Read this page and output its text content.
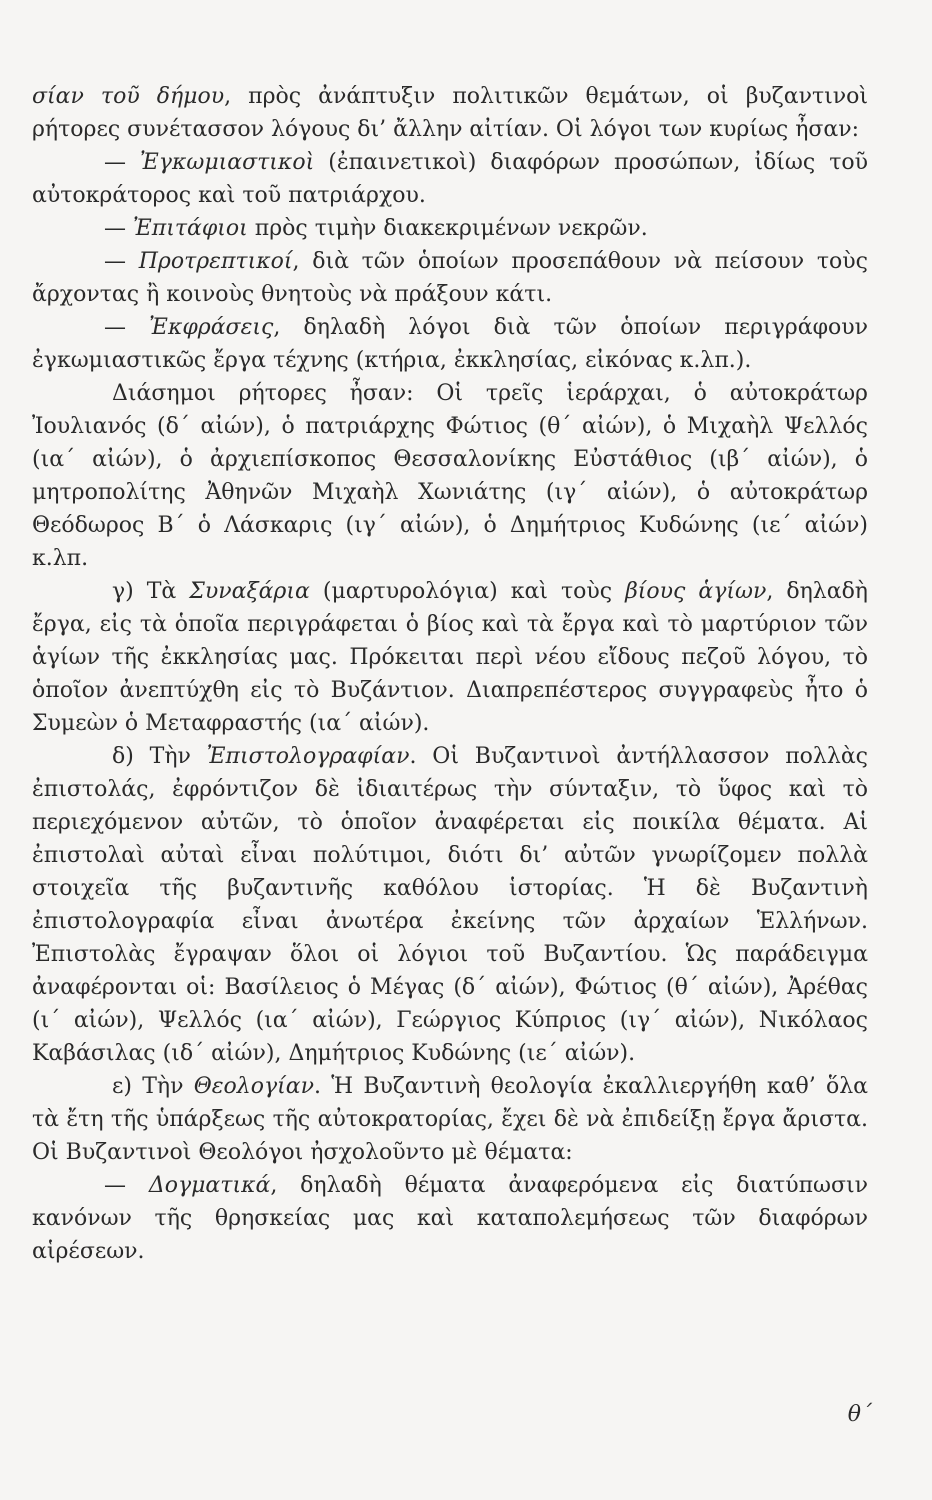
σίαν τοῦ δήμου, πρὸς ἀνάπτυξιν πολιτικῶν θεμάτων, οἱ βυζαντινοὶ ρήτορες συνέτασσον λόγους δι’ ἄλλην αἰτίαν. Οἱ λόγοι των κυρίως ἦσαν:

— Ἐγκωμιαστικοὶ (ἐπαινετικοὶ) διαφόρων προσώπων, ἰδίως τοῦ αὐτοκράτορος καὶ τοῦ πατριάρχου.

— Ἐπιτάφιοι πρὸς τιμὴν διακεκριμένων νεκρῶν.

— Προτρεπτικοί, διὰ τῶν ὁποίων προσεπάθουν νὰ πείσουν τοὺς ἄρχοντας ἢ κοινοὺς θνητοὺς νὰ πράξουν κάτι.

— Ἐκφράσεις, δηλαδὴ λόγοι διὰ τῶν ὁποίων περιγράφουν ἐγκωμιαστικῶς ἔργα τέχνης (κτήρια, ἐκκλησίας, εἰκόνας κ.λπ.).

Διάσημοι ρήτορες ἦσαν: Οἱ τρεῖς ἱεράρχαι, ὁ αὐτοκράτωρ Ἰουλιανός (δ΄ αἰών), ὁ πατριάρχης Φώτιος (θ΄ αἰών), ὁ Μιχαὴλ Ψελλός (ια΄ αἰών), ὁ ἀρχιεπίσκοπος Θεσσαλονίκης Εὐστάθιος (ιβ΄ αἰών), ὁ μητροπολίτης Ἀθηνῶν Μιχαὴλ Χωνιάτης (ιγ΄ αἰών), ὁ αὐτοκράτωρ Θεόδωρος Β΄ ὁ Λάσκαρις (ιγ΄ αἰών), ὁ Δημήτριος Κυδώνης (ιε΄ αἰών) κ.λπ.

γ) Τὰ Συναξάρια (μαρτυρολόγια) καὶ τοὺς βίους ἁγίων, δηλαδὴ ἔργα, εἰς τὰ ὁποῖα περιγράφεται ὁ βίος καὶ τὰ ἔργα καὶ τὸ μαρτύριον τῶν ἁγίων τῆς ἐκκλησίας μας. Πρόκειται περὶ νέου εἴδους πεζοῦ λόγου, τὸ ὁποῖον ἀνεπτύχθη εἰς τὸ Βυζάντιον. Διαπρεπέστερος συγγραφεὺς ἦτο ὁ Συμεὼν ὁ Μεταφραστής (ια΄ αἰών).

δ) Τὴν Ἐπιστολογραφίαν. Οἱ Βυζαντινοὶ ἀντήλλασσον πολλὰς ἐπιστολάς, ἐφρόντιζον δὲ ἰδιαιτέρως τὴν σύνταξιν, τὸ ὕφος καὶ τὸ περιεχόμενον αὐτῶν, τὸ ὁποῖον ἀναφέρεται εἰς ποικίλα θέματα. Αἱ ἐπιστολαὶ αὐταὶ εἶναι πολύτιμοι, διότι δι’ αὐτῶν γνωρίζομεν πολλὰ στοιχεῖα τῆς βυζαντινῆς καθόλου ἱστορίας. Ἡ δὲ Βυζαντινὴ ἐπιστολογραφία εἶναι ἀνωτέρα ἐκείνης τῶν ἀρχαίων Ἑλλήνων. Ἐπιστολὰς ἔγραψαν ὅλοι οἱ λόγιοι τοῦ Βυζαντίου. Ὡς παράδειγμα ἀναφέρονται οἱ: Βασίλειος ὁ Μέγας (δ΄ αἰών), Φώτιος (θ΄ αἰών), Ἀρέθας (ι΄ αἰών), Ψελλός (ια΄ αἰών), Γεώργιος Κύπριος (ιγ΄ αἰών), Νικόλαος Καβάσιλας (ιδ΄ αἰών), Δημήτριος Κυδώνης (ιε΄ αἰών).

ε) Τὴν Θεολογίαν. Ἡ Βυζαντινὴ θεολογία ἐκαλλιεργήθη καθ’ ὅλα τὰ ἔτη τῆς ὑπάρξεως τῆς αὐτοκρατορίας, ἔχει δὲ νὰ ἐπιδείξῃ ἔργα ἄριστα. Οἱ Βυζαντινοὶ Θεολόγοι ἠσχολοῦντο μὲ θέματα:

— Δογματικά, δηλαδὴ θέματα ἀναφερόμενα εἰς διατύπωσιν κανόνων τῆς θρησκείας μας καὶ καταπολεμήσεως τῶν διαφόρων αἱρέσεων.

θ΄
